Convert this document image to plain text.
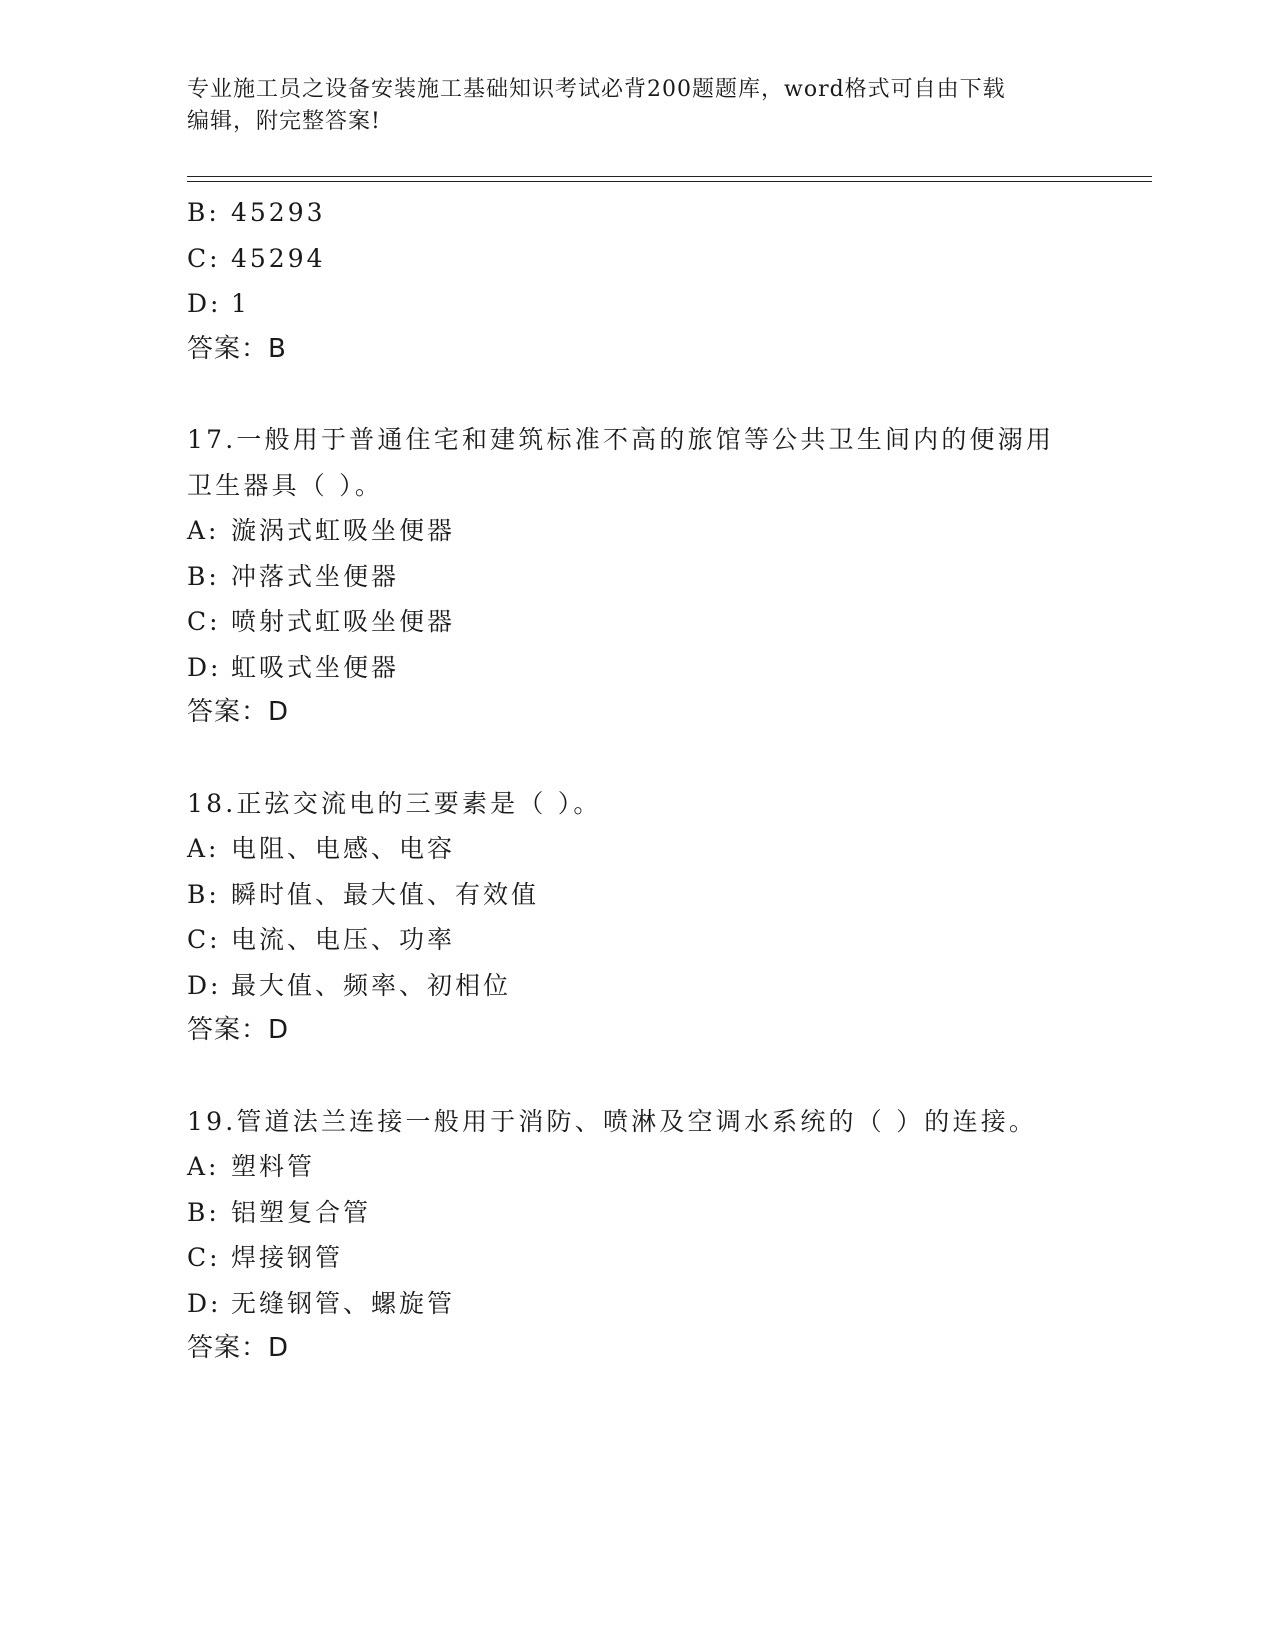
专业施工员之设备安装施工基础知识考试必背200题题库，word格式可自由下载
编辑，附完整答案!
B: 45293
C: 45294
D: 1
答案：B
17.一般用于普通住宅和建筑标准不高的旅馆等公共卫生间内的便溺用
卫生器具（ ）。
A: 漩涡式虹吸坐便器
B: 冲落式坐便器
C: 喷射式虹吸坐便器
D: 虹吸式坐便器
答案：D
18.正弦交流电的三要素是（ ）。
A: 电阻、电感、电容
B: 瞬时值、最大值、有效值
C: 电流、电压、功率
D: 最大值、频率、初相位
答案：D
19.管道法兰连接一般用于消防、喷淋及空调水系统的（ ）的连接。
A: 塑料管
B: 铝塑复合管
C: 焊接钢管
D: 无缝钢管、螺旋管
答案：D
